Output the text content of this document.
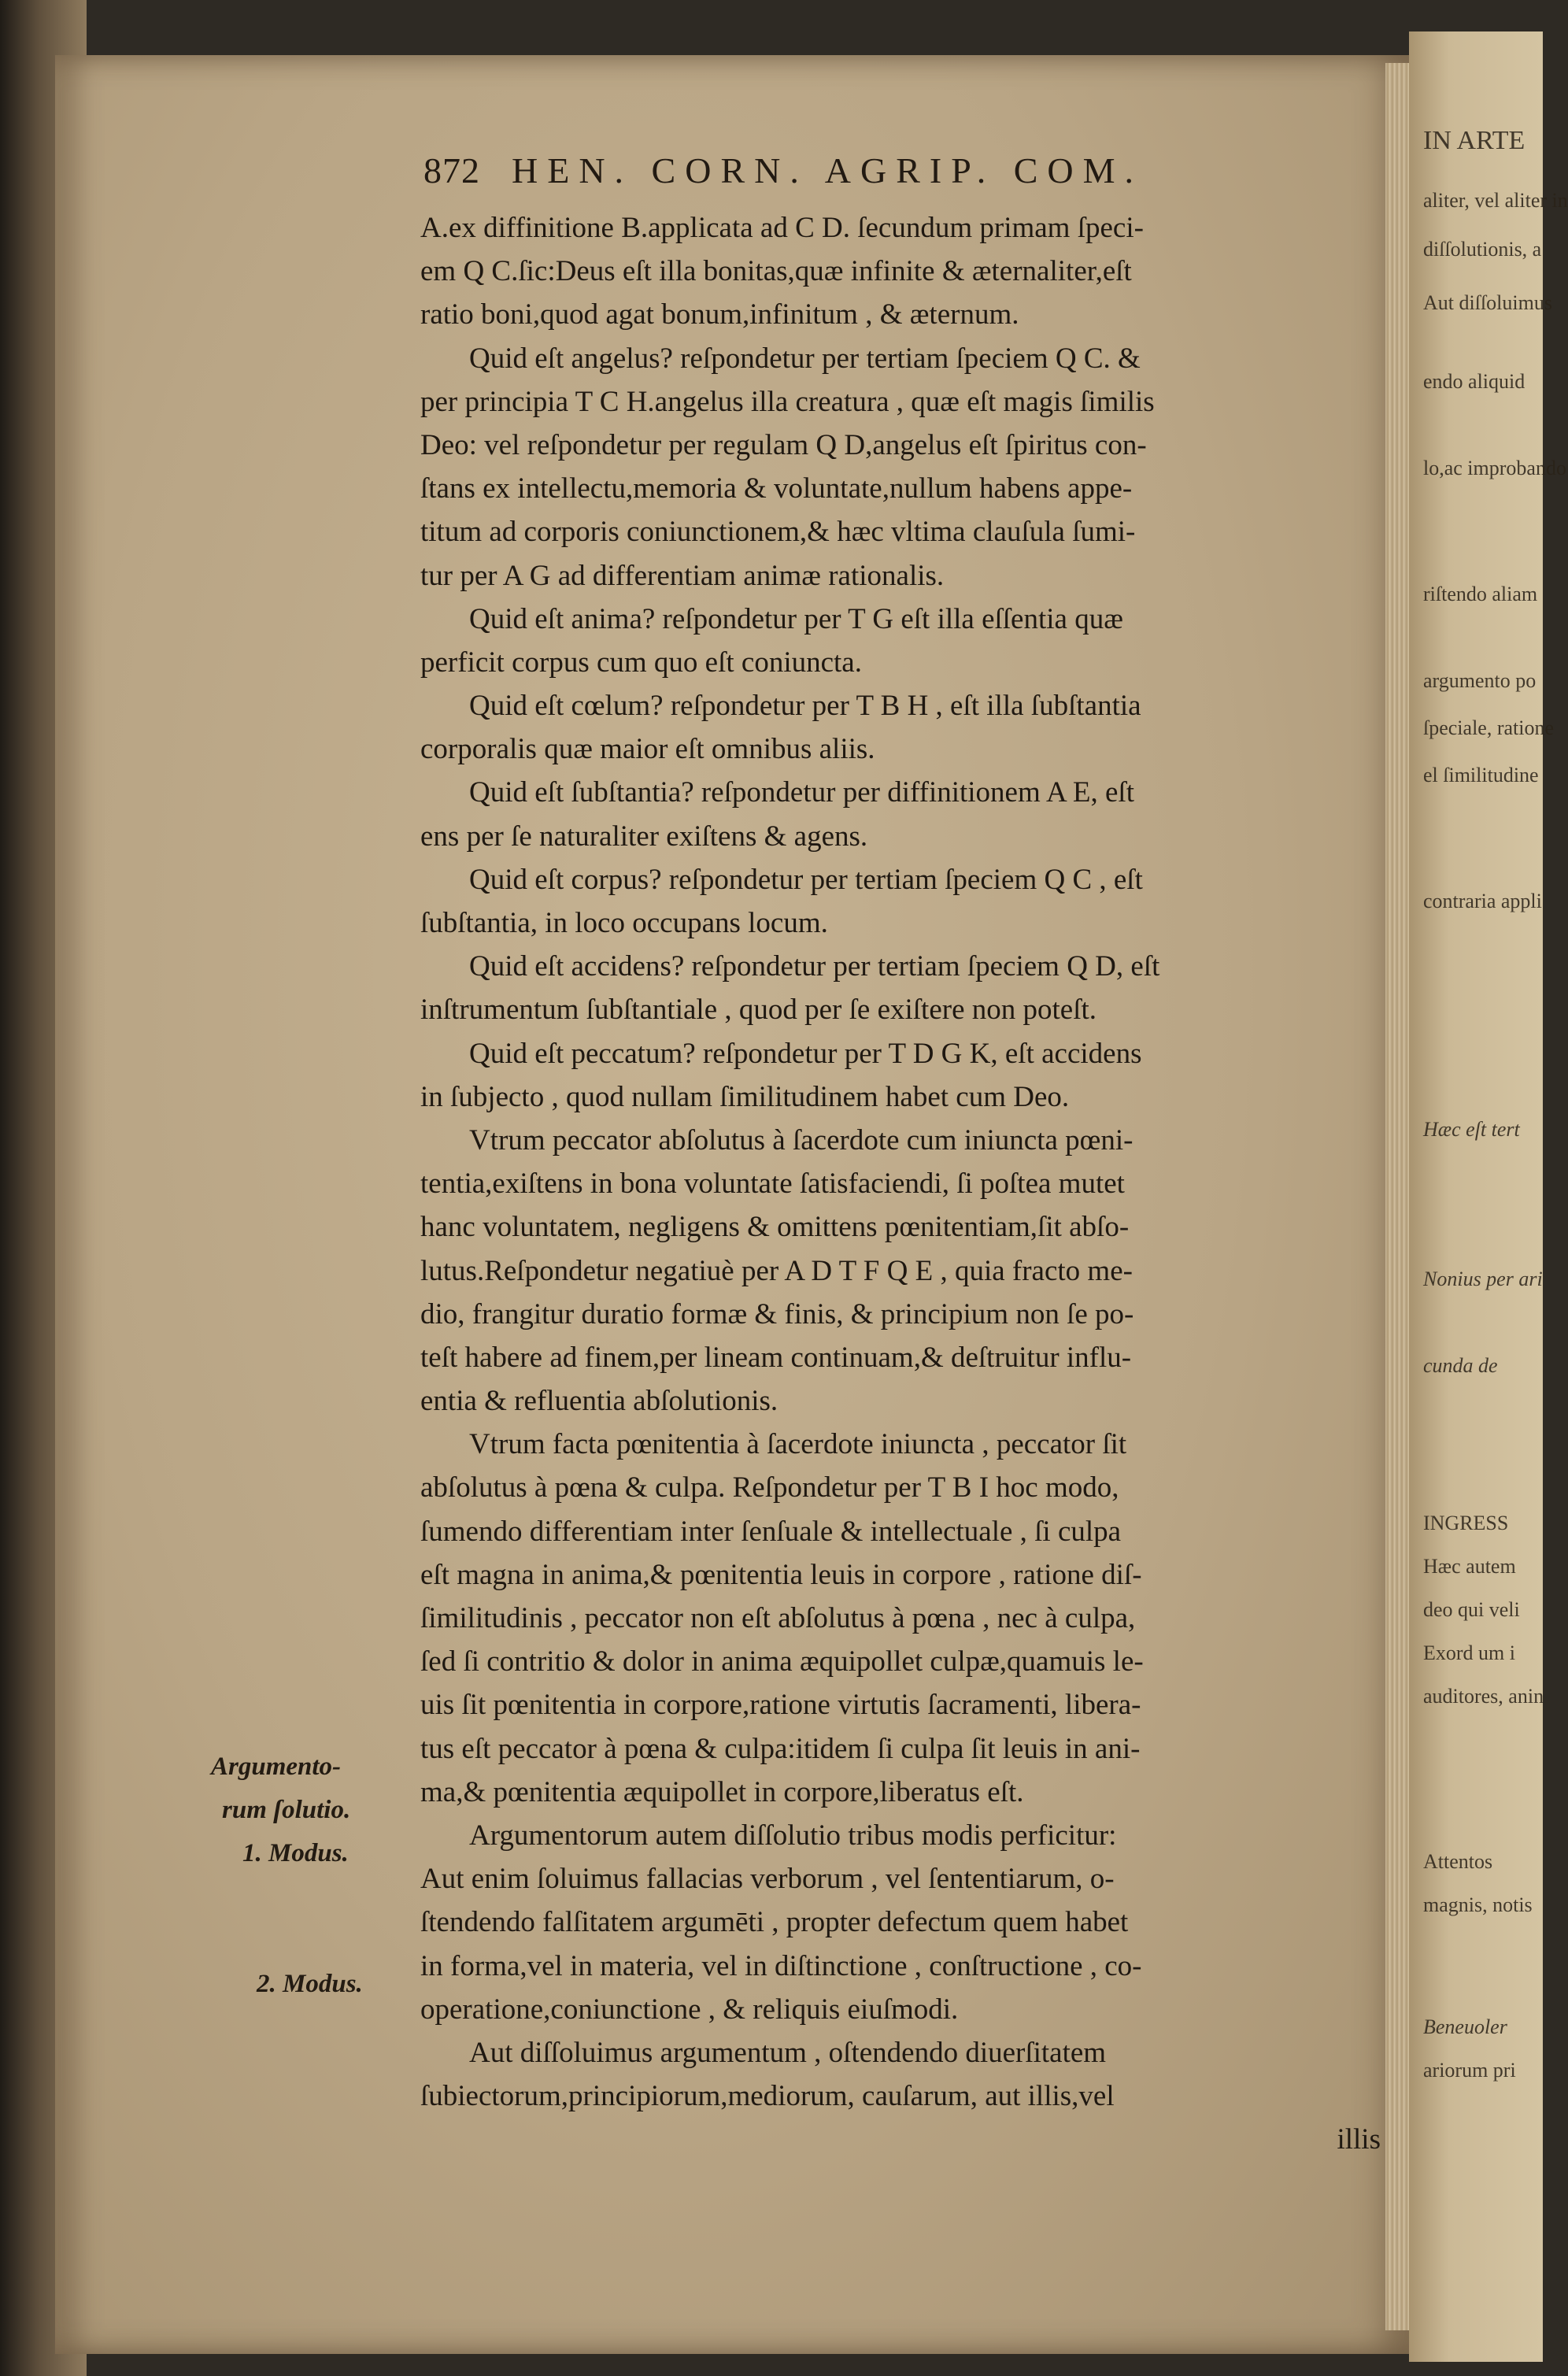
IN ARTE
aliter, vel aliter in
diſſolutionis, a
Aut diſſoluimus
endo aliquid
lo,ac improbando
riſtendo aliam
argumento po
ſpeciale, ratione
el ſimilitudine
contraria appli
Hæc eſt tert
Nonius per ari
cunda de
INGRESS
Hæc autem
deo qui veli
Exord um i
auditores, anin
Attentos
magnis, notis
Beneuoler
ariorum pri
872 HEN. CORN. AGRIP. COM.
A.ex diffinitione B.applicata ad C D. ſecundum primam ſpeci-
em Q C.ſic:Deus eſt illa bonitas,quæ infinite & æternaliter,eſt
ratio boni,quod agat bonum,infinitum , & æternum.
Quid eſt angelus? reſpondetur per tertiam ſpeciem Q C. &
per principia T C H.angelus illa creatura , quæ eſt magis ſimilis
Deo: vel reſpondetur per regulam Q D,angelus eſt ſpiritus con-
ſtans ex intellectu,memoria & voluntate,nullum habens appe-
titum ad corporis coniunctionem,& hæc vltima clauſula ſumi-
tur per A G ad differentiam animæ rationalis.
Quid eſt anima? reſpondetur per T G eſt illa eſſentia quæ
perficit corpus cum quo eſt coniuncta.
Quid eſt cœlum? reſpondetur per T B H , eſt illa ſubſtantia
corporalis quæ maior eſt omnibus aliis.
Quid eſt ſubſtantia? reſpondetur per diffinitionem A E, eſt
ens per ſe naturaliter exiſtens & agens.
Quid eſt corpus? reſpondetur per tertiam ſpeciem Q C , eſt
ſubſtantia, in loco occupans locum.
Quid eſt accidens? reſpondetur per tertiam ſpeciem Q D, eſt
inſtrumentum ſubſtantiale , quod per ſe exiſtere non poteſt.
Quid eſt peccatum? reſpondetur per T D G K, eſt accidens
in ſubjecto , quod nullam ſimilitudinem habet cum Deo.
Vtrum peccator abſolutus à ſacerdote cum iniuncta pœni-
tentia,exiſtens in bona voluntate ſatisfaciendi, ſi poſtea mutet
hanc voluntatem, negligens & omittens pœnitentiam,ſit abſo-
lutus.Reſpondetur negatiuè per A D T F Q E , quia fracto me-
dio, frangitur duratio formæ & finis, & principium non ſe po-
teſt habere ad finem,per lineam continuam,& deſtruitur influ-
entia & refluentia abſolutionis.
Vtrum facta pœnitentia à ſacerdote iniuncta , peccator ſit
abſolutus à pœna & culpa. Reſpondetur per T B I hoc modo,
ſumendo differentiam inter ſenſuale & intellectuale , ſi culpa
eſt magna in anima,& pœnitentia leuis in corpore , ratione diſ-
ſimilitudinis , peccator non eſt abſolutus à pœna , nec à culpa,
ſed ſi contritio & dolor in anima æquipollet culpæ,quamuis le-
uis ſit pœnitentia in corpore,ratione virtutis ſacramenti, libera-
tus eſt peccator à pœna & culpa:itidem ſi culpa ſit leuis in ani-
ma,& pœnitentia æquipollet in corpore,liberatus eſt.
Argumentorum autem diſſolutio tribus modis perficitur:
Aut enim ſoluimus fallacias verborum , vel ſententiarum, o-
ſtendendo falſitatem argumēti , propter defectum quem habet
in forma,vel in materia, vel in diſtinctione , conſtructione , co-
operatione,coniunctione , & reliquis eiuſmodi.
Aut diſſoluimus argumentum , oſtendendo diuerſitatem
ſubiectorum,principiorum,mediorum, cauſarum, aut illis,vel
illis
Argumento-
rum ſolutio.
1. Modus.
2. Modus.
